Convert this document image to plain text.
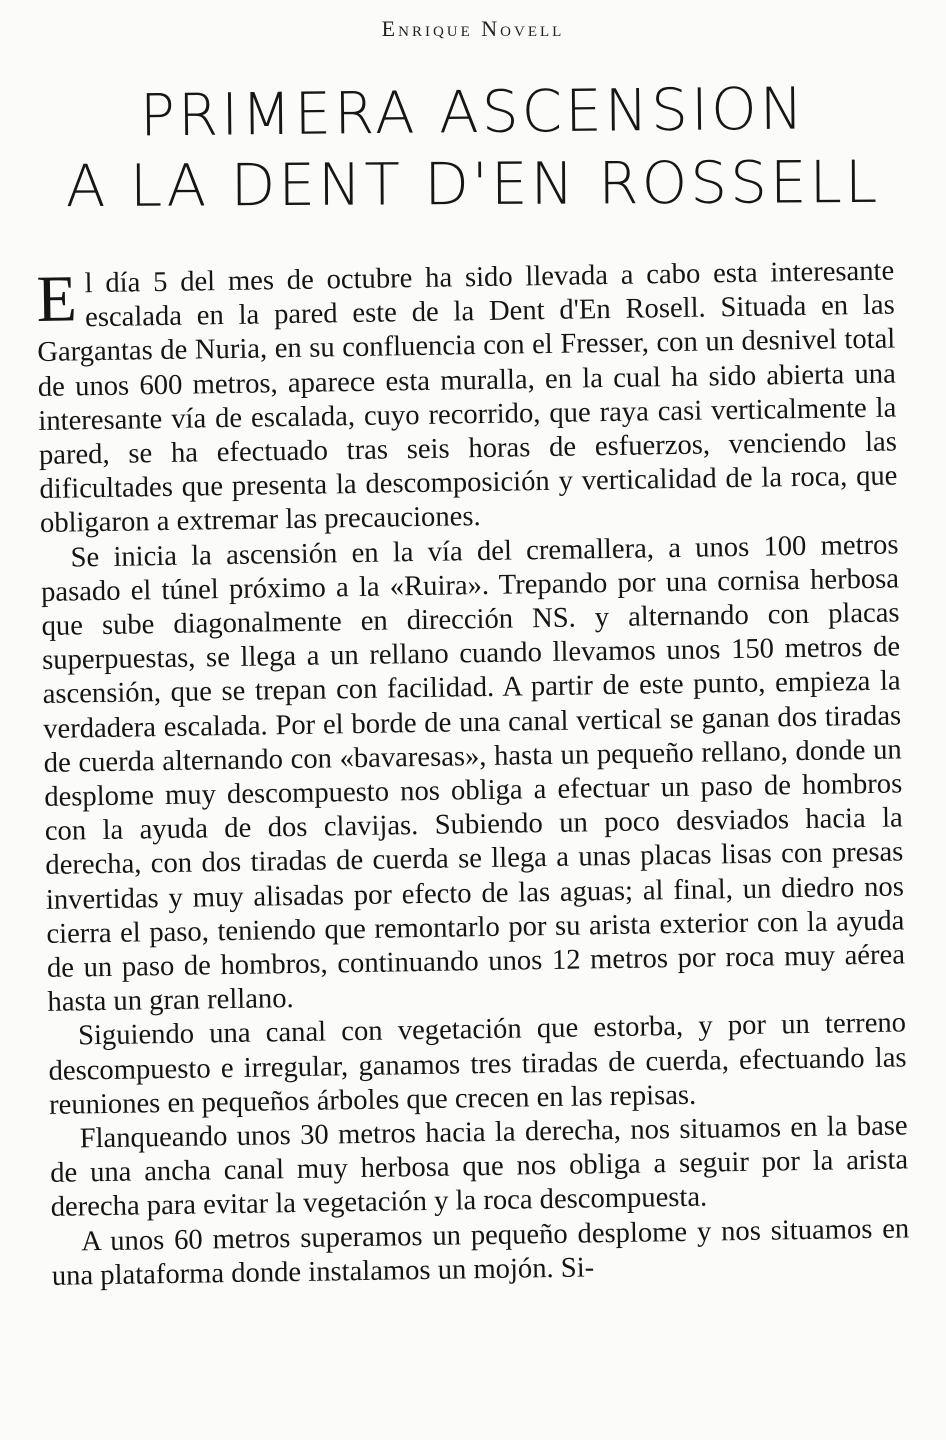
Enrique Novell
PRIMERA ASCENSION
A LA DENT D'EN ROSSELL

El día 5 del mes de octubre ha sido llevada a cabo esta interesante escalada en la pared este de la Dent d'En Rosell. Situada en las Gargantas de Nuria, en su confluencia con el Fresser, con un desnivel total de unos 600 metros, aparece esta muralla, en la cual ha sido abierta una interesante vía de escalada, cuyo recorrido, que raya casi verticalmente la pared, se ha efectuado tras seis horas de esfuerzos, venciendo las dificultades que presenta la descomposición y verticalidad de la roca, que obligaron a extremar las precauciones.

Se inicia la ascensión en la vía del cremallera, a unos 100 metros pasado el túnel próximo a la «Ruira». Trepando por una cornisa herbosa que sube diagonalmente en dirección NS. y alternando con placas superpuestas, se llega a un rellano cuando llevamos unos 150 metros de ascensión, que se trepan con facilidad. A partir de este punto, empieza la verdadera escalada. Por el borde de una canal vertical se ganan dos tiradas de cuerda alternando con «bavaresas», hasta un pequeño rellano, donde un desplome muy descompuesto nos obliga a efectuar un paso de hombros con la ayuda de dos clavijas. Subiendo un poco desviados hacia la derecha, con dos tiradas de cuerda se llega a unas placas lisas con presas invertidas y muy alisadas por efecto de las aguas; al final, un diedro nos cierra el paso, teniendo que remontarlo por su arista exterior con la ayuda de un paso de hombros, continuando unos 12 metros por roca muy aérea hasta un gran rellano.

Siguiendo una canal con vegetación que estorba, y por un terreno descompuesto e irregular, ganamos tres tiradas de cuerda, efectuando las reuniones en pequeños árboles que crecen en las repisas.

Flanqueando unos 30 metros hacia la derecha, nos situamos en la base de una ancha canal muy herbosa que nos obliga a seguir por la arista derecha para evitar la vegetación y la roca descompuesta.

A unos 60 metros superamos un pequeño desplome y nos situamos en una plataforma donde instalamos un mojón. Si-
